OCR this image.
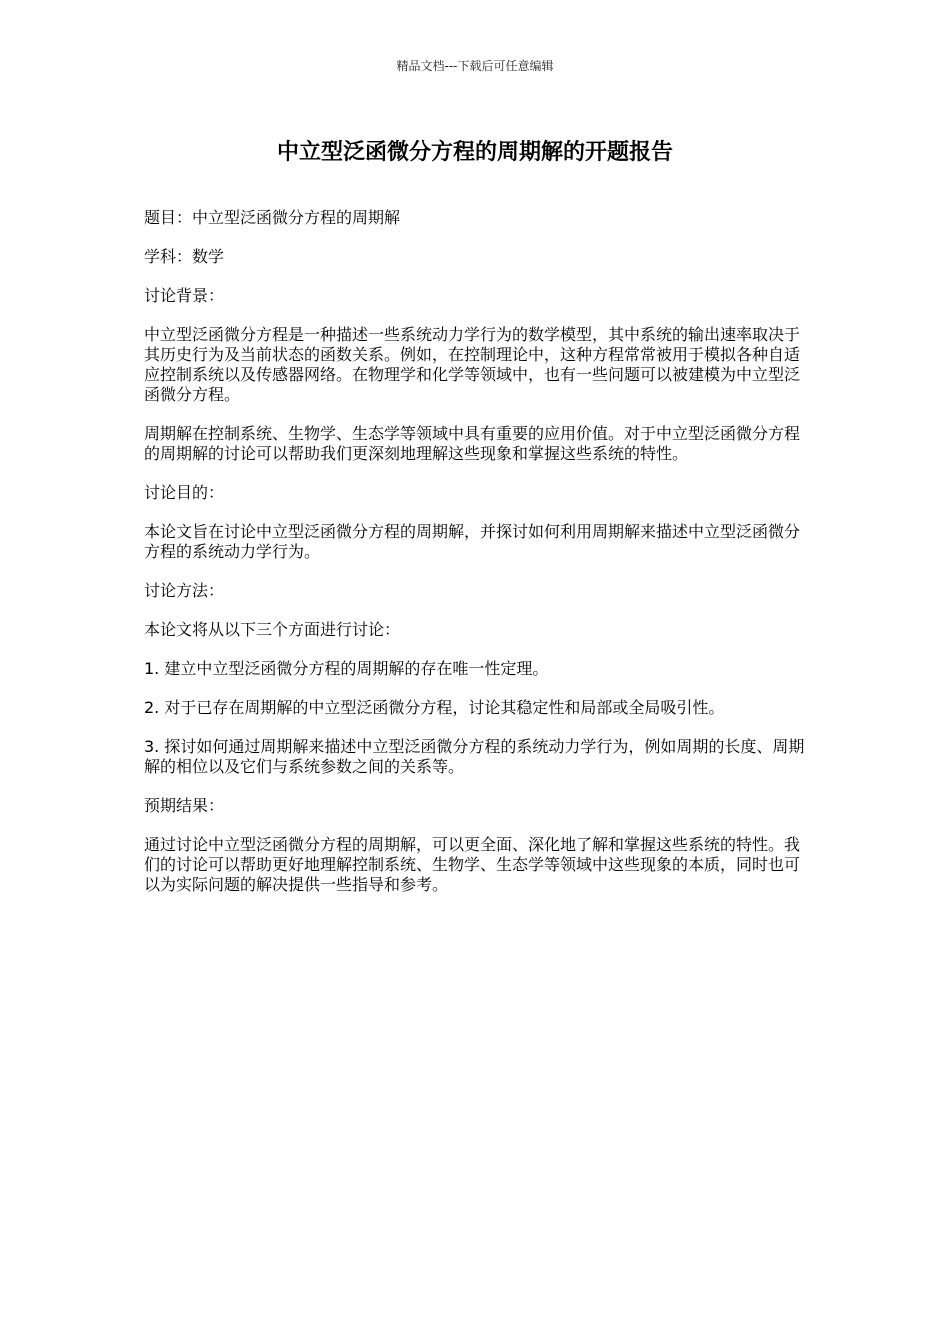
精品文档---下载后可任意编辑
中立型泛函微分方程的周期解的开题报告

题目：中立型泛函微分方程的周期解

学科：数学

讨论背景：

中立型泛函微分方程是一种描述一些系统动力学行为的数学模型，其中系统的输出速率取决于其历史行为及当前状态的函数关系。例如，在控制理论中，这种方程常常被用于模拟各种自适应控制系统以及传感器网络。在物理学和化学等领域中，也有一些问题可以被建模为中立型泛函微分方程。

周期解在控制系统、生物学、生态学等领域中具有重要的应用价值。对于中立型泛函微分方程的周期解的讨论可以帮助我们更深刻地理解这些现象和掌握这些系统的特性。

讨论目的：

本论文旨在讨论中立型泛函微分方程的周期解，并探讨如何利用周期解来描述中立型泛函微分方程的系统动力学行为。

讨论方法：

本论文将从以下三个方面进行讨论：

1. 建立中立型泛函微分方程的周期解的存在唯一性定理。

2. 对于已存在周期解的中立型泛函微分方程，讨论其稳定性和局部或全局吸引性。

3. 探讨如何通过周期解来描述中立型泛函微分方程的系统动力学行为，例如周期的长度、周期解的相位以及它们与系统参数之间的关系等。

预期结果：

通过讨论中立型泛函微分方程的周期解，可以更全面、深化地了解和掌握这些系统的特性。我们的讨论可以帮助更好地理解控制系统、生物学、生态学等领域中这些现象的本质，同时也可以为实际问题的解决提供一些指导和参考。
